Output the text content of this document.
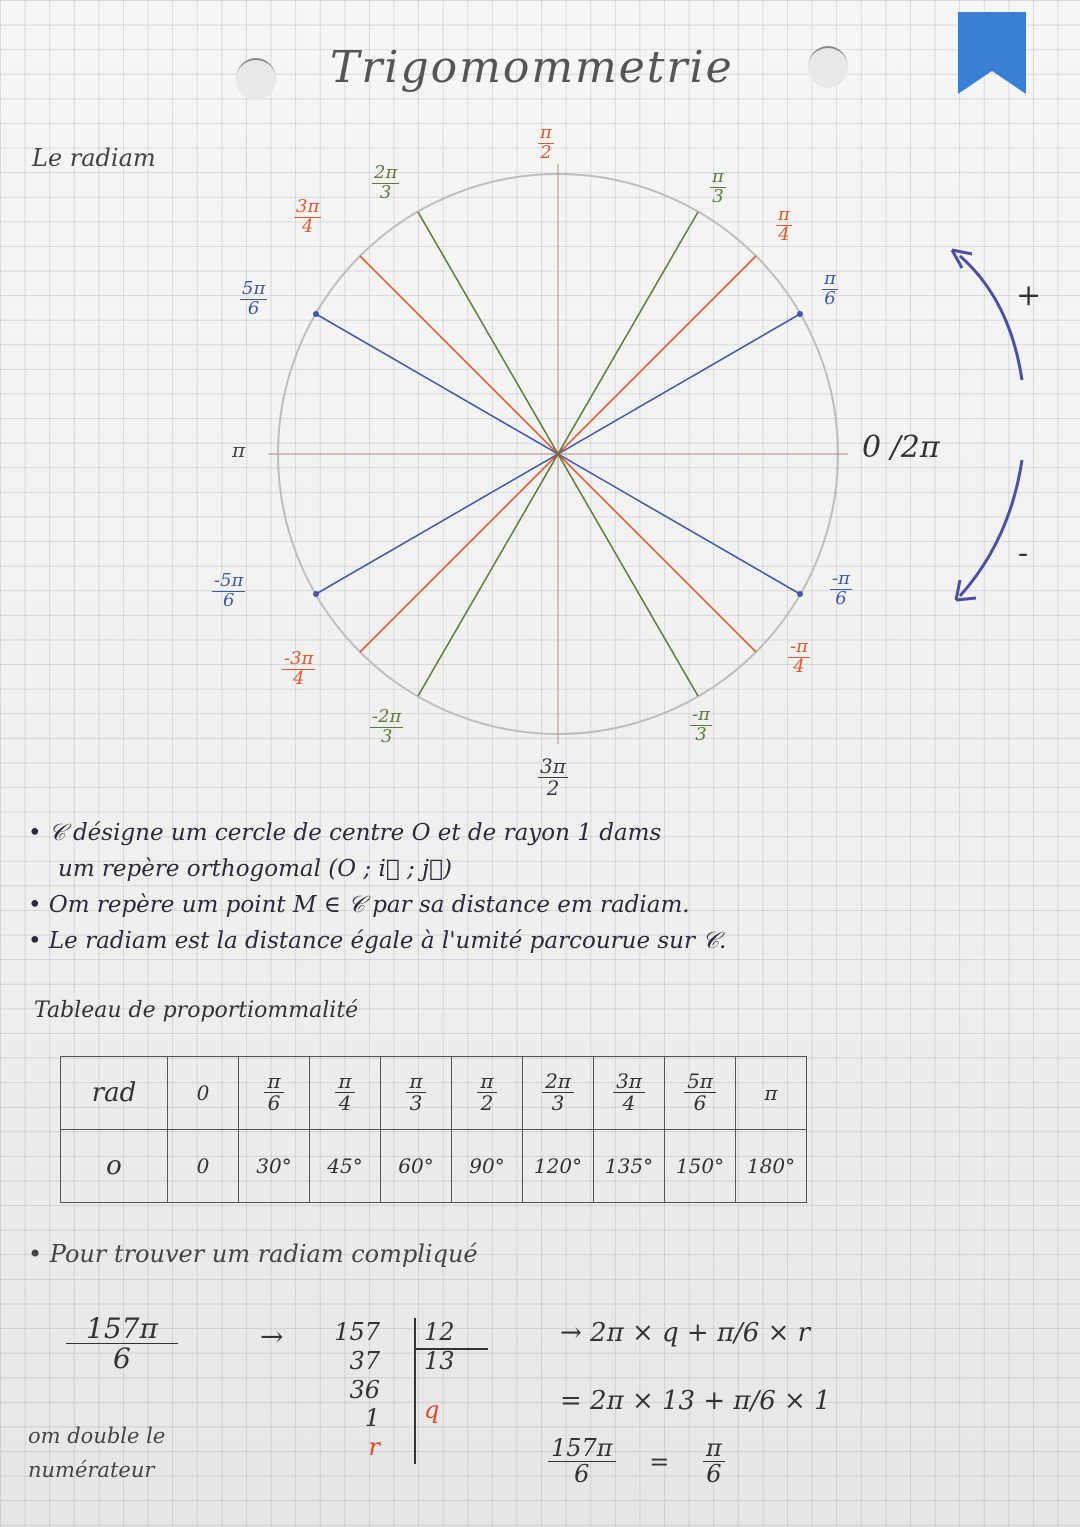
Trigomommetrie
Le radiam
+
-
π
2
3π
2
π	0 /2π
π
3
π
4
π
6
2π
3
3π
4
5π
6
-π
6
-π
4
-π
3
-2π
3
-3π
4
-5π
6
• 𝒞 désigne um cercle de centre O et de rayon 1 dams
um repère orthogomal (O ; i⃗ ; j⃗)
• Om repère um point M ∈ 𝒞 par sa distance em radiam.
• Le radiam est la distance égale à l'umité parcourue sur 𝒞.
Tableau de proportiommalité
rad	0	$\frac{\pi}{6}$	$\frac{\pi}{4}$	$\frac{\pi}{3}$	$\frac{\pi}{2}$	$\frac{2\pi}{3}$	$\frac{3\pi}{4}$	$\frac{5\pi}{6}$	π
o	0	30°	45°	60°	90°	120°	135°	150°	180°
• Pour trouver um radiam compliqué
$\frac{157\pi}{6}$	→ 157
37
36
1
r
12
13
q
→ 2π × q + π/6 × r
= 2π × 13 + π/6 × 1
$\frac{157\pi}{6} = \frac{\pi}{6}$
om double le
numérateur
